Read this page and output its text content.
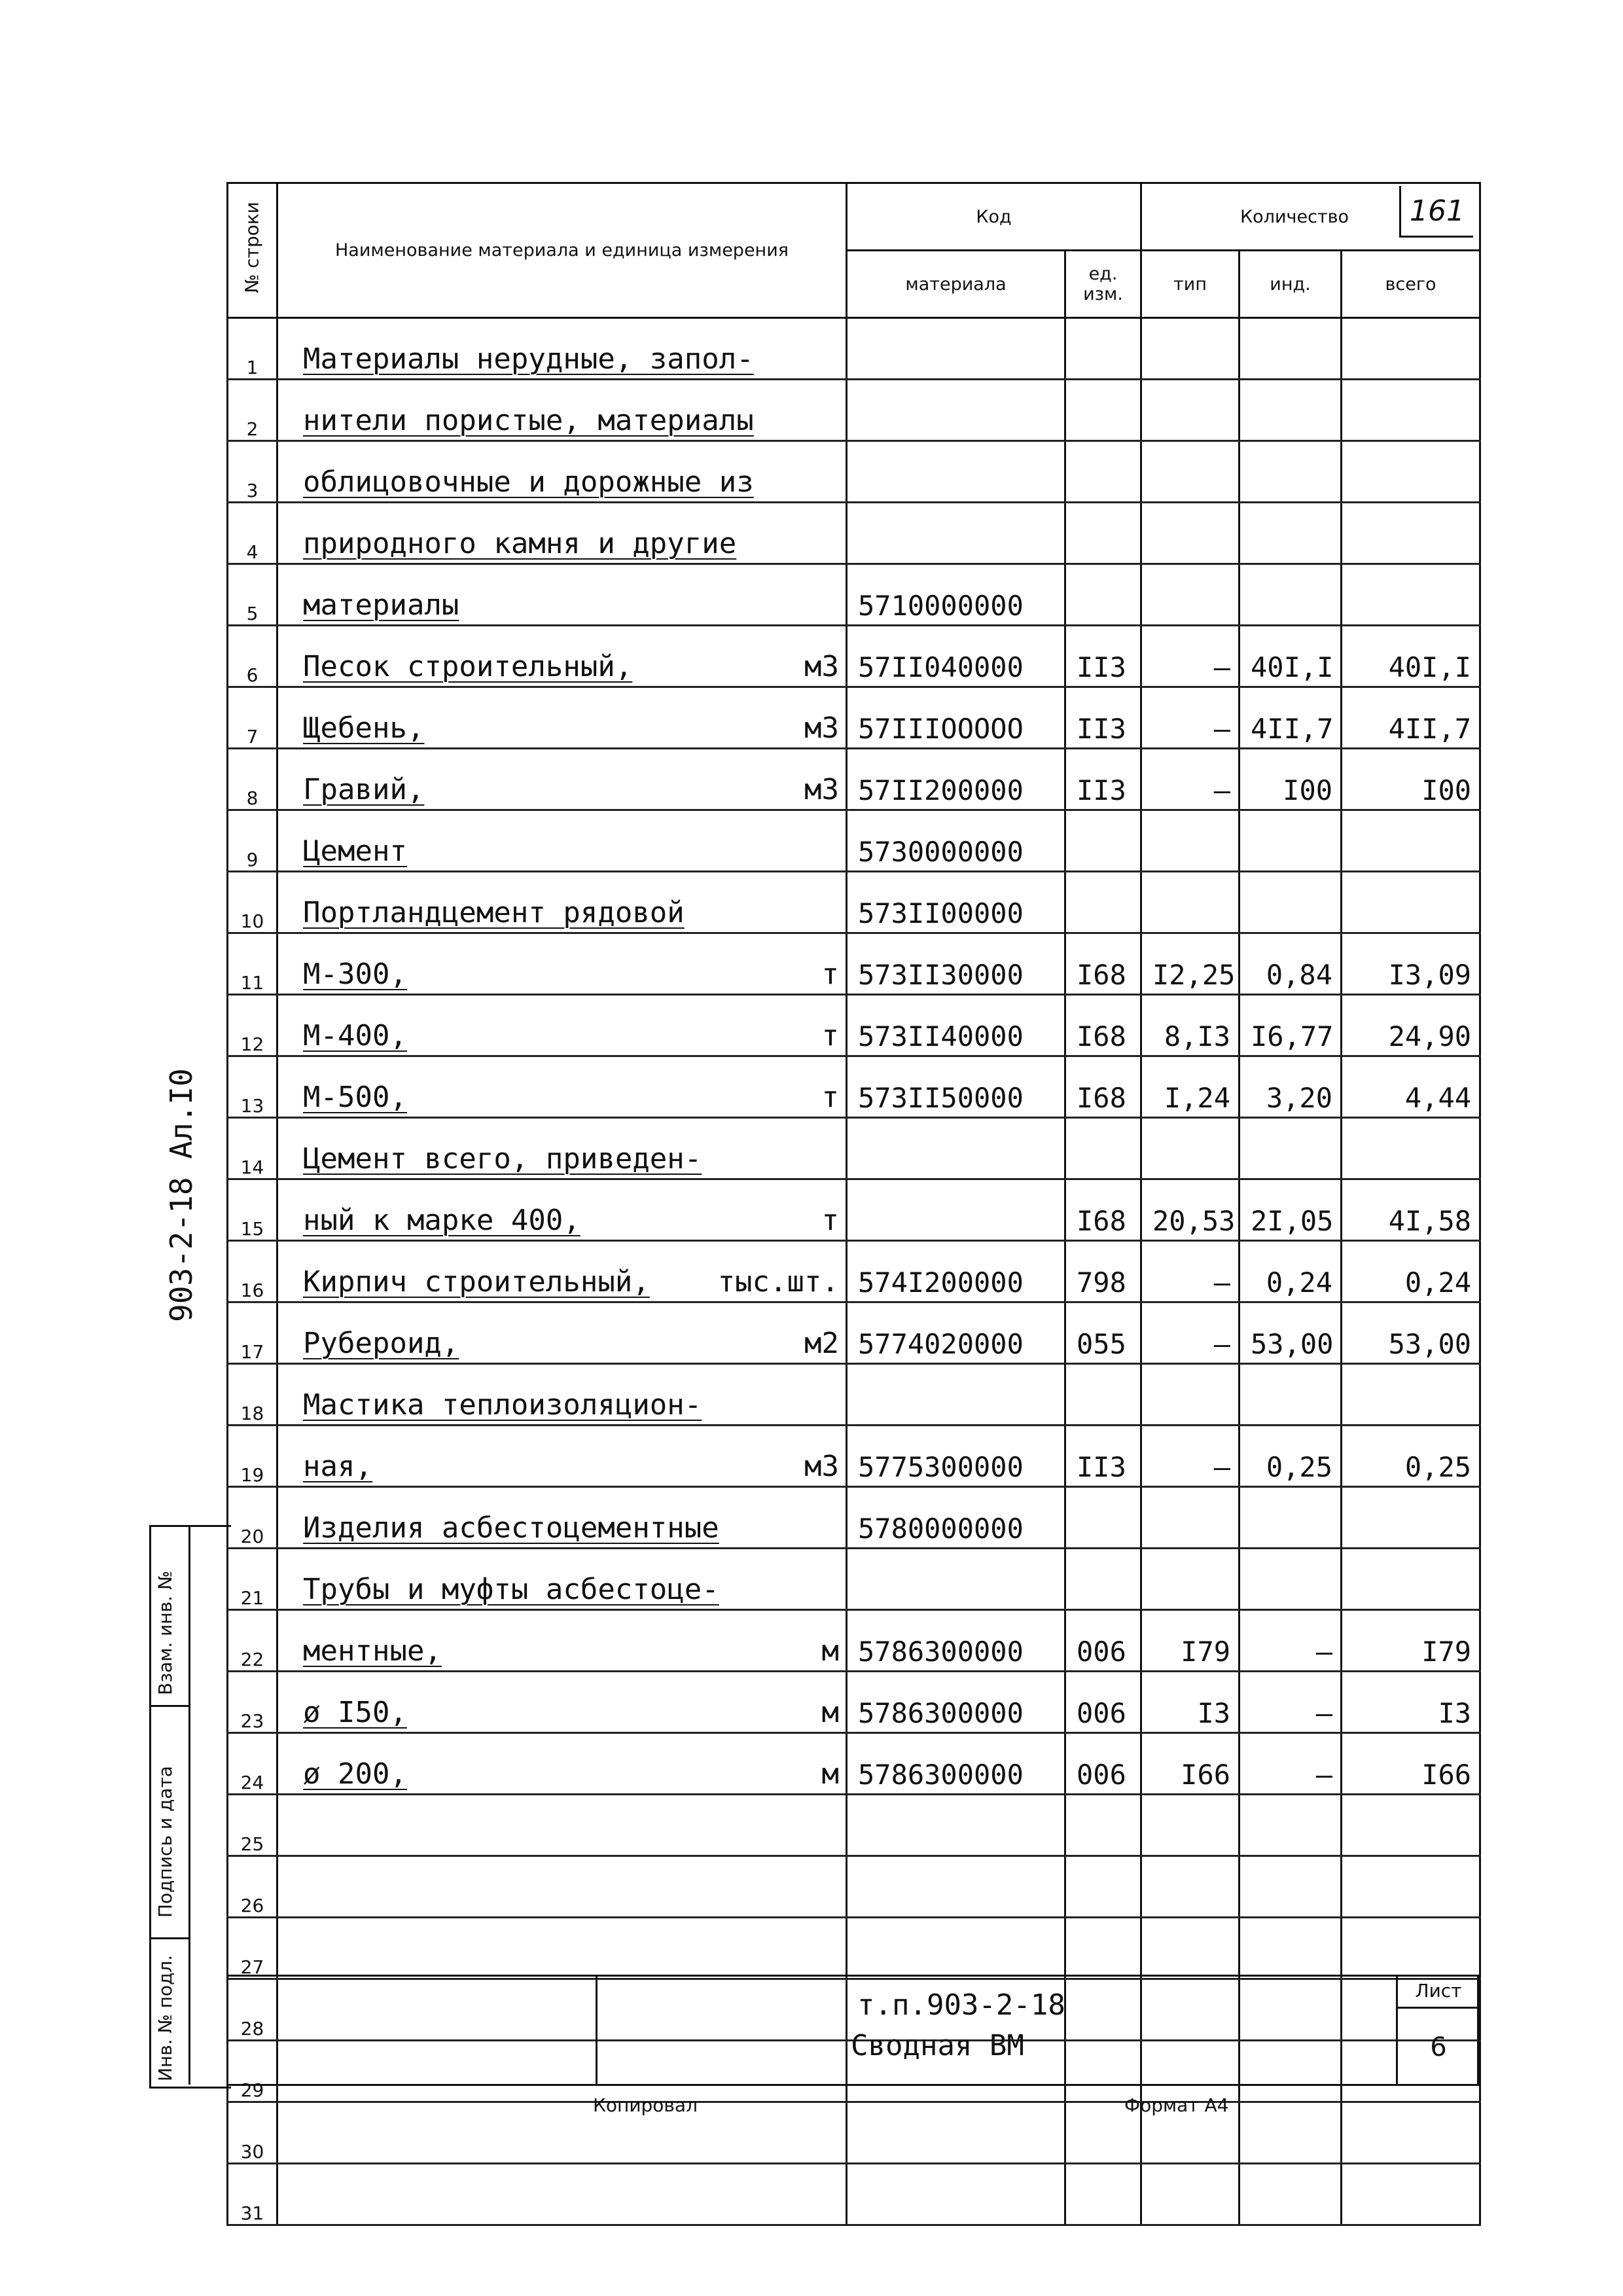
	Наименование материала и единица измерения	Код		Количество		
		материала	ед. изм.	тип	инд.	всего
1	Материалы нерудные, запол-

2	нители пористые, материалы

3	облицовочные и дорожные из

4	природного камня и другие

5	материалы	5710000000				
6	Песок строительный, м3	57II040000	II3	–	40I,I	40I,I
7	Щебень, м3	57IIIOOOOO	II3	–	4II,7	4II,7
8	Гравий, м3	57II200000	II3	–	I00	I00
9	Цемент	5730000000				
10	Портландцемент рядовой	573II00000				
11	М-300, т	573II30000	I68	I2,25	0,84	I3,09
12	М-400, т	573II40000	I68	8,I3	I6,77	24,90
13	М-500, т	573II50000	I68	I,24	3,20	4,44
14	Цемент всего, приведен-

15	ный к марке 400, т		I68	20,53	2I,05	4I,58
16	Кирпич строительный, тыс.шт.	574I200000	798	–	0,24	0,24
17	Рубероид, м2	5774020000	055	–	53,00	53,00
18	Мастика теплоизоляцион-

19	ная, м3	5775300000	II3	–	0,25	0,25
20	Изделия асбестоцементные	5780000000				
21	Трубы и муфты асбестоце-

22	ментные, м	5786300000	006	I79	–	I79
23	ø I50, м	5786300000	006	I3	–	I3
24	ø 200, м	5786300000	006	I66	–	I66
25	

26	

27	

28	

29	

30	

31	

№ строки	161
903-2-18 Ал.I0
Взам. инв. №
Подпись и дата
Инв. № подл.	т.п.903-2-18
Сводная ВМ
Лист
6
Копировал	Формат А4
